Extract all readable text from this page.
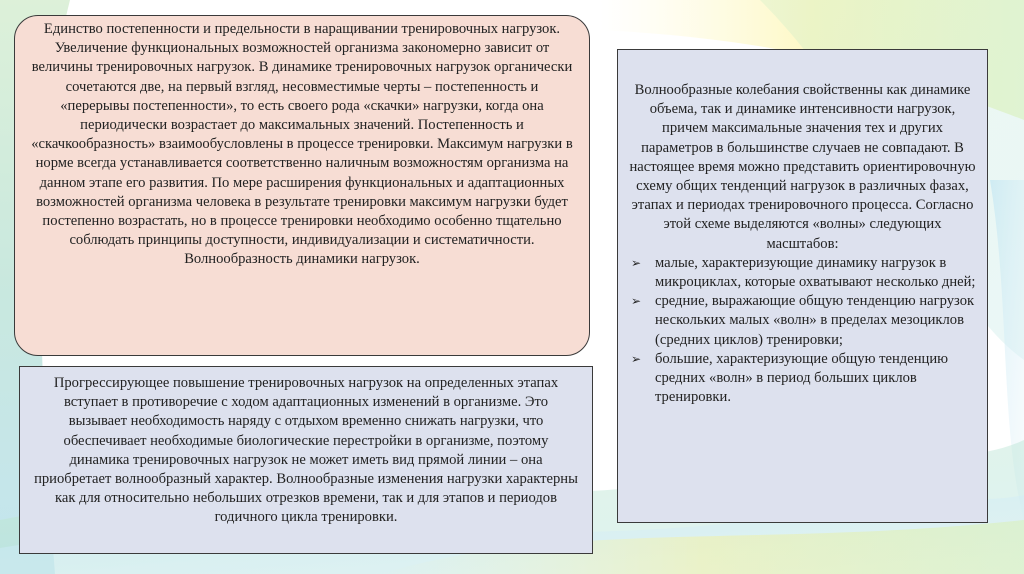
Единство постепенности и предельности в наращивании тренировочных нагрузок. Увеличение функциональных возможностей организма закономерно зависит от величины тренировочных нагрузок. В динамике тренировочных нагрузок органически сочетаются две, на первый взгляд, несовместимые черты – постепенность и «перерывы постепенности», то есть своего рода «скачки» нагрузки, когда она периодически возрастает до максимальных значений. Постепенность и «скачкообразность» взаимообусловлены в процессе тренировки. Максимум нагрузки в норме всегда устанавливается соответственно наличным возможностям организма на данном этапе его развития. По мере расширения функциональных и адаптационных возможностей организма человека в результате тренировки максимум нагрузки будет постепенно возрастать, но в процессе тренировки необходимо особенно тщательно соблюдать принципы доступности, индивидуализации и систематичности. Волнообразность динамики нагрузок.
Прогрессирующее повышение тренировочных нагрузок на определенных этапах вступает в противоречие с ходом адаптационных изменений в организме. Это вызывает необходимость наряду с отдыхом временно снижать нагрузки, что обеспечивает необходимые биологические перестройки в организме, поэтому динамика тренировочных нагрузок не может иметь вид прямой линии – она приобретает волнообразный характер. Волнообразные изменения нагрузки характерны как для относительно небольших отрезков времени, так и для этапов и периодов годичного цикла тренировки.

Волнообразные колебания свойственны как динамике объема, так и динамике интенсивности нагрузок, причем максимальные значения тех и других параметров в большинстве случаев не совпадают. В настоящее время можно представить ориентировочную схему общих тенденций нагрузок в различных фазах, этапах и периодах тренировочного процесса. Согласно этой схеме выделяются «волны» следующих масштабов:

➢ малые, характеризующие динамику нагрузок в микроциклах, которые охватывают несколько дней;
➢ средние, выражающие общую тенденцию нагрузок нескольких малых «волн» в пределах мезоциклов (средних циклов) тренировки;
➢ большие, характеризующие общую тенденцию средних «волн» в период больших циклов тренировки.
